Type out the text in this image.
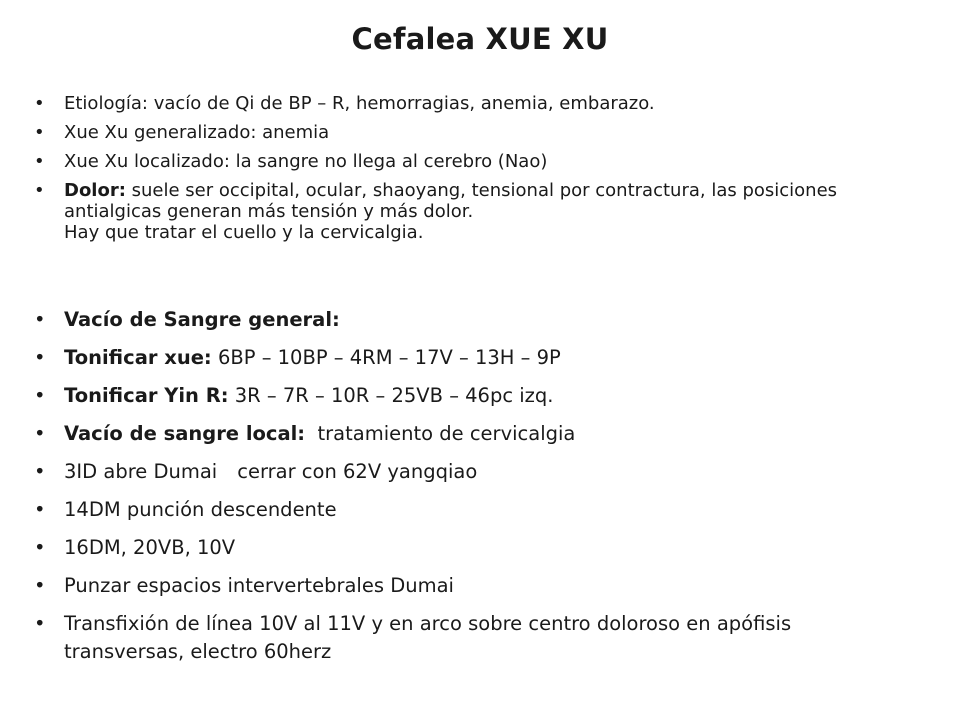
Cefalea XUE XU
•	Etiología: vacío de Qi de BP – R, hemorragias, anemia, embarazo.
•	Xue Xu generalizado: anemia
•	Xue Xu localizado: la sangre no llega al cerebro (Nao)
•	Dolor: suele ser occipital, ocular, shaoyang, tensional por contractura, las posiciones antialgicas generan más tensión y más dolor.
Hay que tratar el cuello y la cervicalgia.
• Vacío de Sangre general:
• Tonificar xue: 6BP – 10BP – 4RM – 17V – 13H – 9P
• Tonificar Yin R: 3R – 7R – 10R – 25VB – 46pc izq.
• Vacío de sangre local:  tratamiento de cervicalgia
• 3ID abre Dumai cerrar con 62V yangqiao
• 14DM punción descendente
• 16DM, 20VB, 10V
• Punzar espacios intervertebrales Dumai
• Transfixión de línea 10V al 11V y en arco sobre centro doloroso en apófisis transversas, electro 60herz
